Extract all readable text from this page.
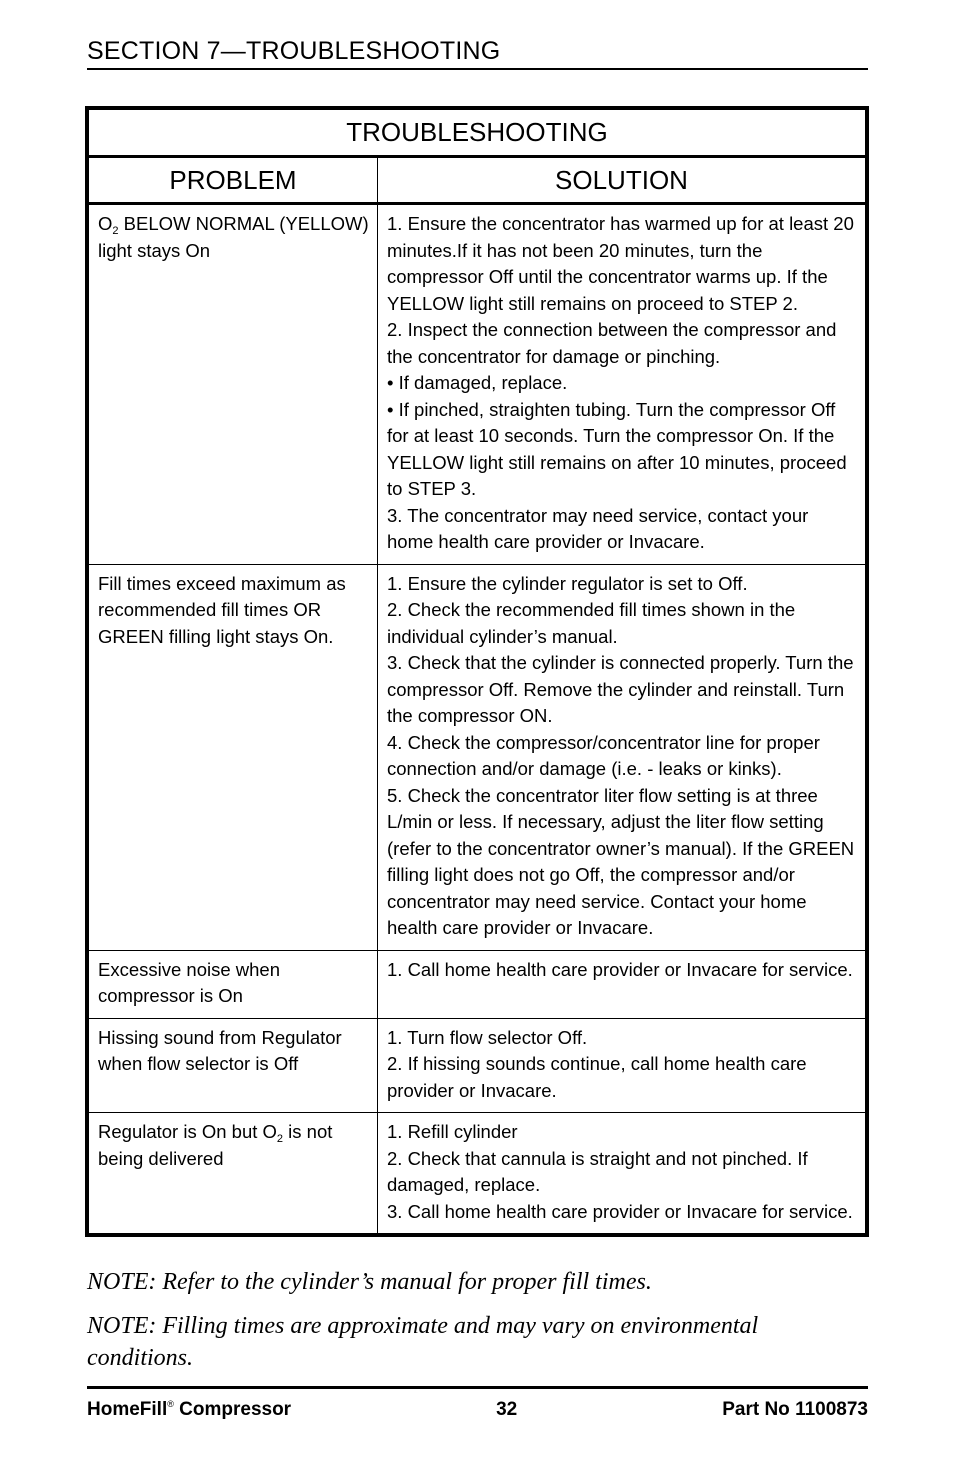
SECTION 7—TROUBLESHOOTING
TROUBLESHOOTING	
PROBLEM	SOLUTION
$O_2$ BELOW NORMAL (YELLOW) light stays On	1. Ensure the concentrator has warmed up for at least 20 minutes.If it has not been 20 minutes, turn the compressor Off until the concentrator warms up. If the YELLOW light still remains on proceed to STEP 2.

2. Inspect the connection between the compressor and the concentrator for damage or pinching.

• If damaged, replace.

• If pinched, straighten tubing. Turn the compressor Off for at least 10 seconds. Turn the compressor On. If the YELLOW light still remains on after 10 minutes, proceed to STEP 3.

3. The concentrator may need service, contact your home health care provider or Invacare.

Fill times exceed maximum as recommended fill times OR GREEN filling light stays On.	1. Ensure the cylinder regulator is set to Off.

2. Check the recommended fill times shown in the individual cylinder’s manual.

3. Check that the cylinder is connected properly. Turn the compressor Off. Remove the cylinder and reinstall. Turn the compressor ON.

4. Check the compressor/concentrator line for proper connection and/or damage (i.e. - leaks or kinks).

5. Check the concentrator liter flow setting is at three L/min or less. If necessary, adjust the liter flow setting (refer to the concentrator owner’s manual). If the GREEN filling light does not go Off, the compressor and/or concentrator may need service. Contact your home health care provider or Invacare.

Excessive noise when compressor is On	1. Call home health care provider or Invacare for service.

Hissing sound from Regulator when flow selector is Off	1. Turn flow selector Off.

2. If hissing sounds continue, call home health care provider or Invacare.

Regulator is On but $O_2$ is not being delivered	1. Refill cylinder

2. Check that cannula is straight and not pinched. If damaged, replace.

3. Call home health care provider or Invacare for service.

NOTE: Refer to the cylinder’s manual for proper fill times.

NOTE: Filling times are approximate and may vary on environmental conditions.

HomeFill® Compressor	32	Part No 1100873
